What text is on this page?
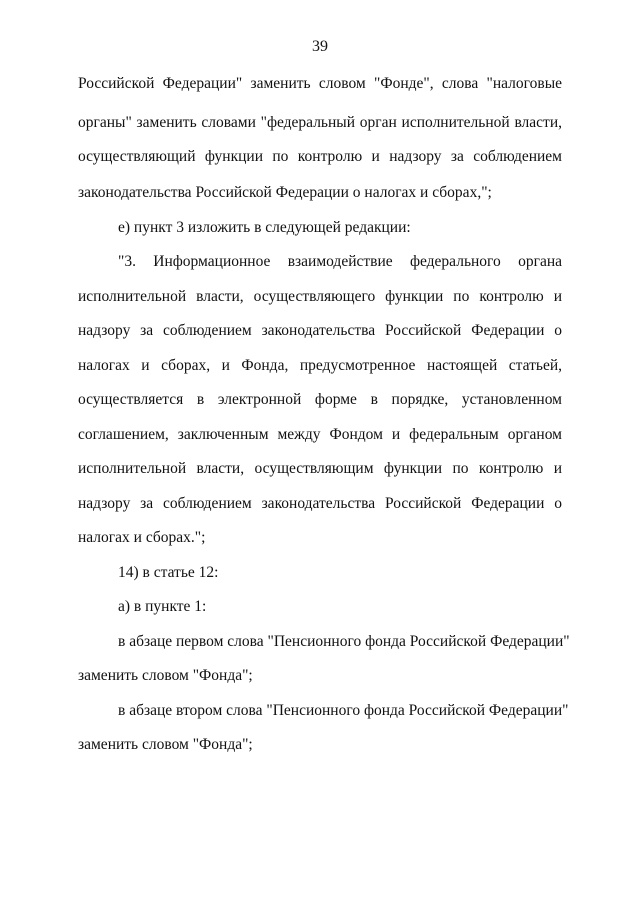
39
Российской Федерации" заменить словом "Фонде", слова "налоговые
органы" заменить словами "федеральный орган исполнительной власти,
осуществляющий функции по контролю и надзору за соблюдением
законодательства Российской Федерации о налогах и сборах,";
е) пункт 3 изложить в следующей редакции:
"3. Информационное взаимодействие федерального органа
исполнительной власти, осуществляющего функции по контролю и
надзору за соблюдением законодательства Российской Федерации о
налогах и сборах, и Фонда, предусмотренное настоящей статьей,
осуществляется в электронной форме в порядке, установленном
соглашением, заключенным между Фондом и федеральным органом
исполнительной власти, осуществляющим функции по контролю и
надзору за соблюдением законодательства Российской Федерации о
налогах и сборах.";
14) в статье 12:
а) в пункте 1:
в абзаце первом слова "Пенсионного фонда Российской Федерации"
заменить словом "Фонда";
в абзаце втором слова "Пенсионного фонда Российской Федерации"
заменить словом "Фонда";
